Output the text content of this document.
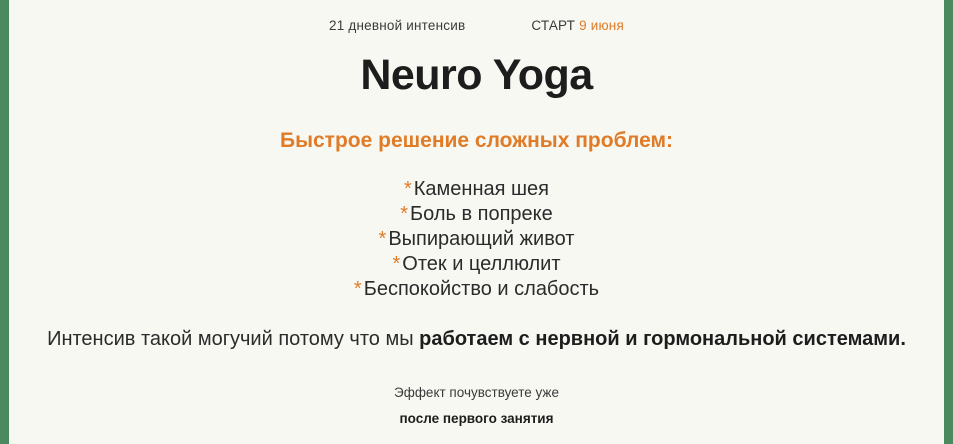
21 дневной интенсив	СТАРТ 9 июня
Neuro Yoga
Быстрое решение сложных проблем:
* Каменная шея
* Боль в попреке
* Выпирающий живот
* Отек и целлюлит
* Беспокойство и слабость

Интенсив такой могучий потому что мы работаем с нервной и гормональной системами.

Эффект почувствуете уже

после первого занятия
